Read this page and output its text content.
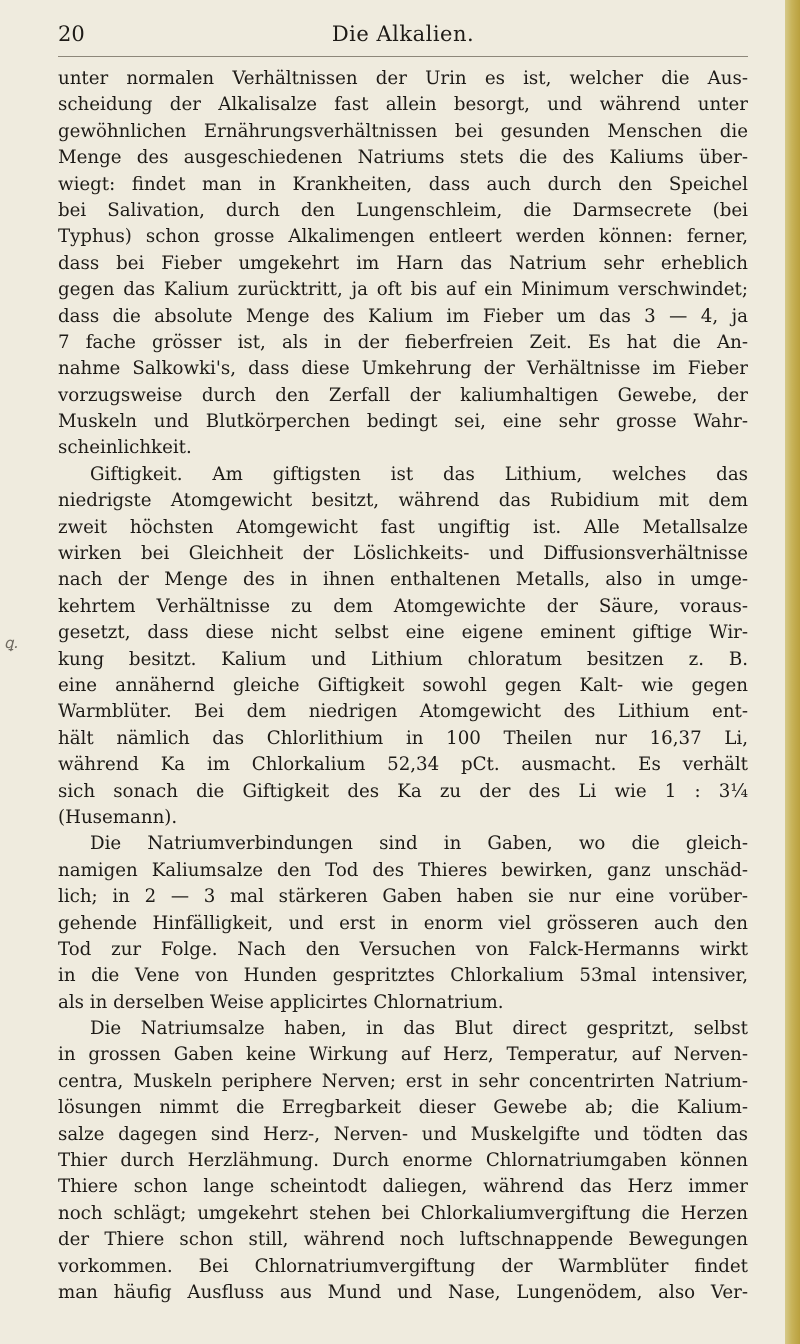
20	Die Alkalien.
ꝗ.
unter normalen Verhältnissen der Urin es ist, welcher die Aus-
scheidung der Alkalisalze fast allein besorgt, und während unter
gewöhnlichen Ernährungsverhältnissen bei gesunden Menschen die
Menge des ausgeschiedenen Natriums stets die des Kaliums über-
wiegt: findet man in Krankheiten, dass auch durch den Speichel
bei Salivation, durch den Lungenschleim, die Darmsecrete (bei
Typhus) schon grosse Alkalimengen entleert werden können: ferner,
dass bei Fieber umgekehrt im Harn das Natrium sehr erheblich
gegen das Kalium zurücktritt, ja oft bis auf ein Minimum verschwindet;
dass die absolute Menge des Kalium im Fieber um das 3 — 4, ja
7 fache grösser ist, als in der fieberfreien Zeit. Es hat die An-
nahme Salkowki's, dass diese Umkehrung der Verhältnisse im Fieber
vorzugsweise durch den Zerfall der kaliumhaltigen Gewebe, der
Muskeln und Blutkörperchen bedingt sei, eine sehr grosse Wahr-
scheinlichkeit.
Giftigkeit. Am giftigsten ist das Lithium, welches das
niedrigste Atomgewicht besitzt, während das Rubidium mit dem
zweit höchsten Atomgewicht fast ungiftig ist. Alle Metallsalze
wirken bei Gleichheit der Löslichkeits- und Diffusionsverhältnisse
nach der Menge des in ihnen enthaltenen Metalls, also in umge-
kehrtem Verhältnisse zu dem Atomgewichte der Säure, voraus-
gesetzt, dass diese nicht selbst eine eigene eminent giftige Wir-
kung besitzt. Kalium und Lithium chloratum besitzen z. B.
eine annähernd gleiche Giftigkeit sowohl gegen Kalt- wie gegen
Warmblüter. Bei dem niedrigen Atomgewicht des Lithium ent-
hält nämlich das Chlorlithium in 100 Theilen nur 16,37 Li,
während Ka im Chlorkalium 52,34 pCt. ausmacht. Es verhält
sich sonach die Giftigkeit des Ka zu der des Li wie 1 : 3¼
(Husemann).
Die Natriumverbindungen sind in Gaben, wo die gleich-
namigen Kaliumsalze den Tod des Thieres bewirken, ganz unschäd-
lich; in 2 — 3 mal stärkeren Gaben haben sie nur eine vorüber-
gehende Hinfälligkeit, und erst in enorm viel grösseren auch den
Tod zur Folge. Nach den Versuchen von Falck-Hermanns wirkt
in die Vene von Hunden gespritztes Chlorkalium 53mal intensiver,
als in derselben Weise applicirtes Chlornatrium.
Die Natriumsalze haben, in das Blut direct gespritzt, selbst
in grossen Gaben keine Wirkung auf Herz, Temperatur, auf Nerven-
centra, Muskeln periphere Nerven; erst in sehr concentrirten Natrium-
lösungen nimmt die Erregbarkeit dieser Gewebe ab; die Kalium-
salze dagegen sind Herz-, Nerven- und Muskelgifte und tödten das
Thier durch Herzlähmung. Durch enorme Chlornatriumgaben können
Thiere schon lange scheintodt daliegen, während das Herz immer
noch schlägt; umgekehrt stehen bei Chlorkaliumvergiftung die Herzen
der Thiere schon still, während noch luftschnappende Bewegungen
vorkommen. Bei Chlornatriumvergiftung der Warmblüter findet
man häufig Ausfluss aus Mund und Nase, Lungenödem, also Ver-
